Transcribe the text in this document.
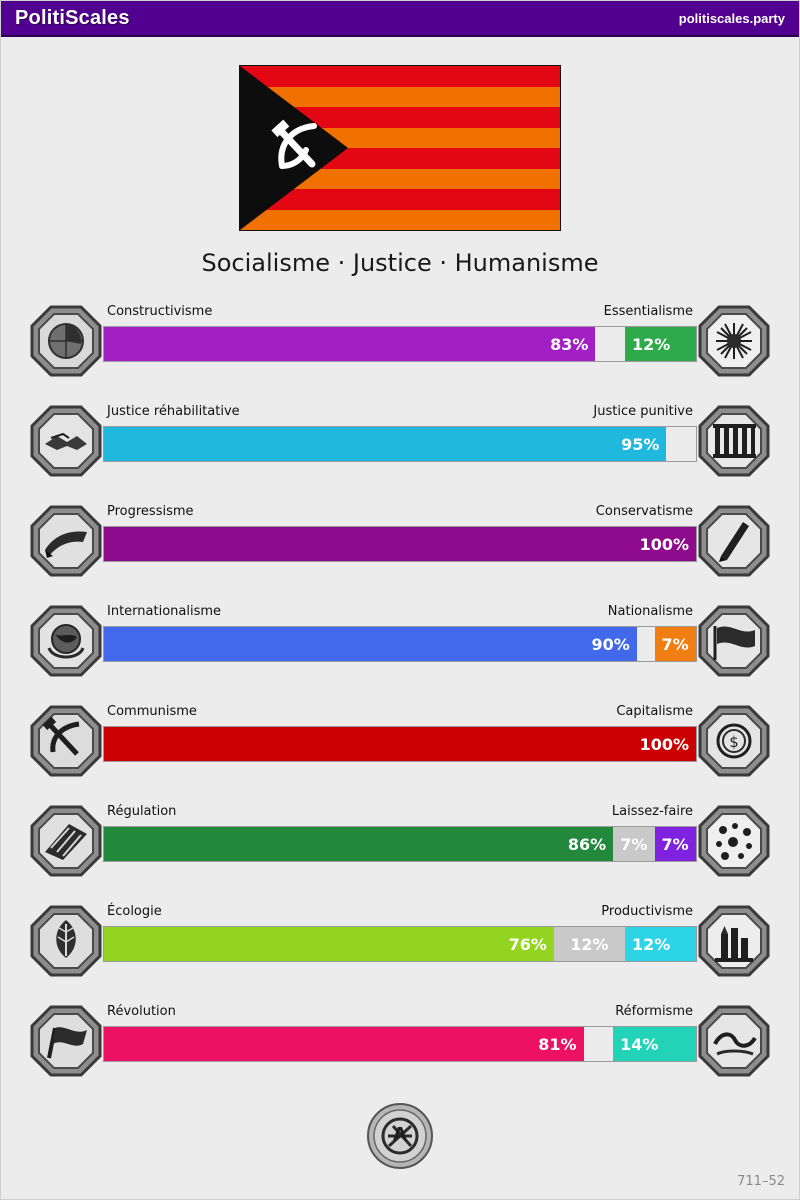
PolitiScales	politiscales.party
Socialisme · Justice · Humanisme
Constructivisme	Essentialisme
83%	12%
Justice réhabilitative	Justice punitive
95%
Progressisme	Conservatisme
100%
Internationalisme	Nationalisme
90%	7%
Communisme	Capitalisme
100%	$
Régulation	Laissez-faire
86% 7% 7%
Écologie	Productivisme
76%	12%	12%
Révolution	Réformisme
81%	14%
A
711–52
